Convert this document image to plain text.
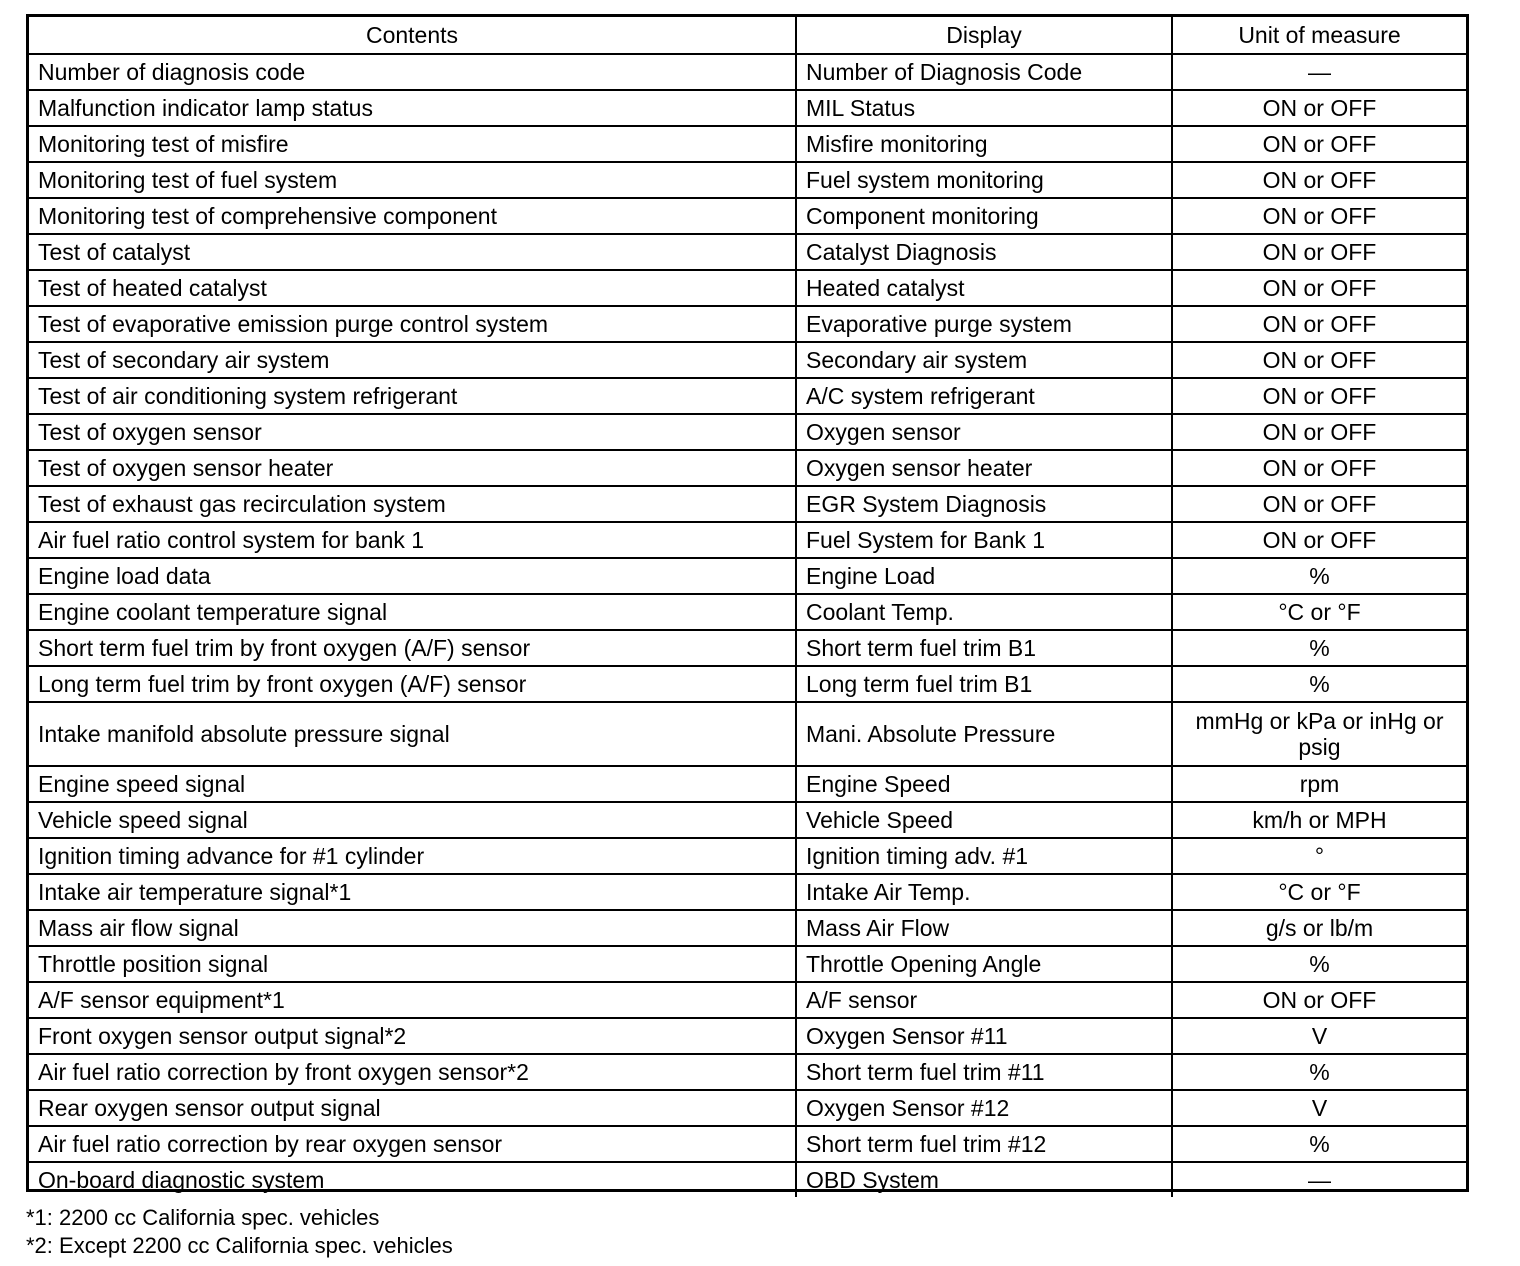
Contents	Display	Unit of measure
Number of diagnosis code	Number of Diagnosis Code	—
Malfunction indicator lamp status	MIL Status	ON or OFF
Monitoring test of misfire	Misfire monitoring	ON or OFF
Monitoring test of fuel system	Fuel system monitoring	ON or OFF
Monitoring test of comprehensive component	Component monitoring	ON or OFF
Test of catalyst	Catalyst Diagnosis	ON or OFF
Test of heated catalyst	Heated catalyst	ON or OFF
Test of evaporative emission purge control system	Evaporative purge system	ON or OFF
Test of secondary air system	Secondary air system	ON or OFF
Test of air conditioning system refrigerant	A/C system refrigerant	ON or OFF
Test of oxygen sensor	Oxygen sensor	ON or OFF
Test of oxygen sensor heater	Oxygen sensor heater	ON or OFF
Test of exhaust gas recirculation system	EGR System Diagnosis	ON or OFF
Air fuel ratio control system for bank 1	Fuel System for Bank 1	ON or OFF
Engine load data	Engine Load	%
Engine coolant temperature signal	Coolant Temp.	°C or °F
Short term fuel trim by front oxygen (A/F) sensor	Short term fuel trim B1	%
Long term fuel trim by front oxygen (A/F) sensor	Long term fuel trim B1	%
Intake manifold absolute pressure signal	Mani. Absolute Pressure	mmHg or kPa or inHg or psig
Engine speed signal	Engine Speed	rpm
Vehicle speed signal	Vehicle Speed	km/h or MPH
Ignition timing advance for #1 cylinder	Ignition timing adv. #1	°
Intake air temperature signal*1	Intake Air Temp.	°C or °F
Mass air flow signal	Mass Air Flow	g/s or lb/m
Throttle position signal	Throttle Opening Angle	%
A/F sensor equipment*1	A/F sensor	ON or OFF
Front oxygen sensor output signal*2	Oxygen Sensor #11	V
Air fuel ratio correction by front oxygen sensor*2	Short term fuel trim #11	%
Rear oxygen sensor output signal	Oxygen Sensor #12	V
Air fuel ratio correction by rear oxygen sensor	Short term fuel trim #12	%
On-board diagnostic system	OBD System	—
*1: 2200 cc California spec. vehicles
*2: Except 2200 cc California spec. vehicles
